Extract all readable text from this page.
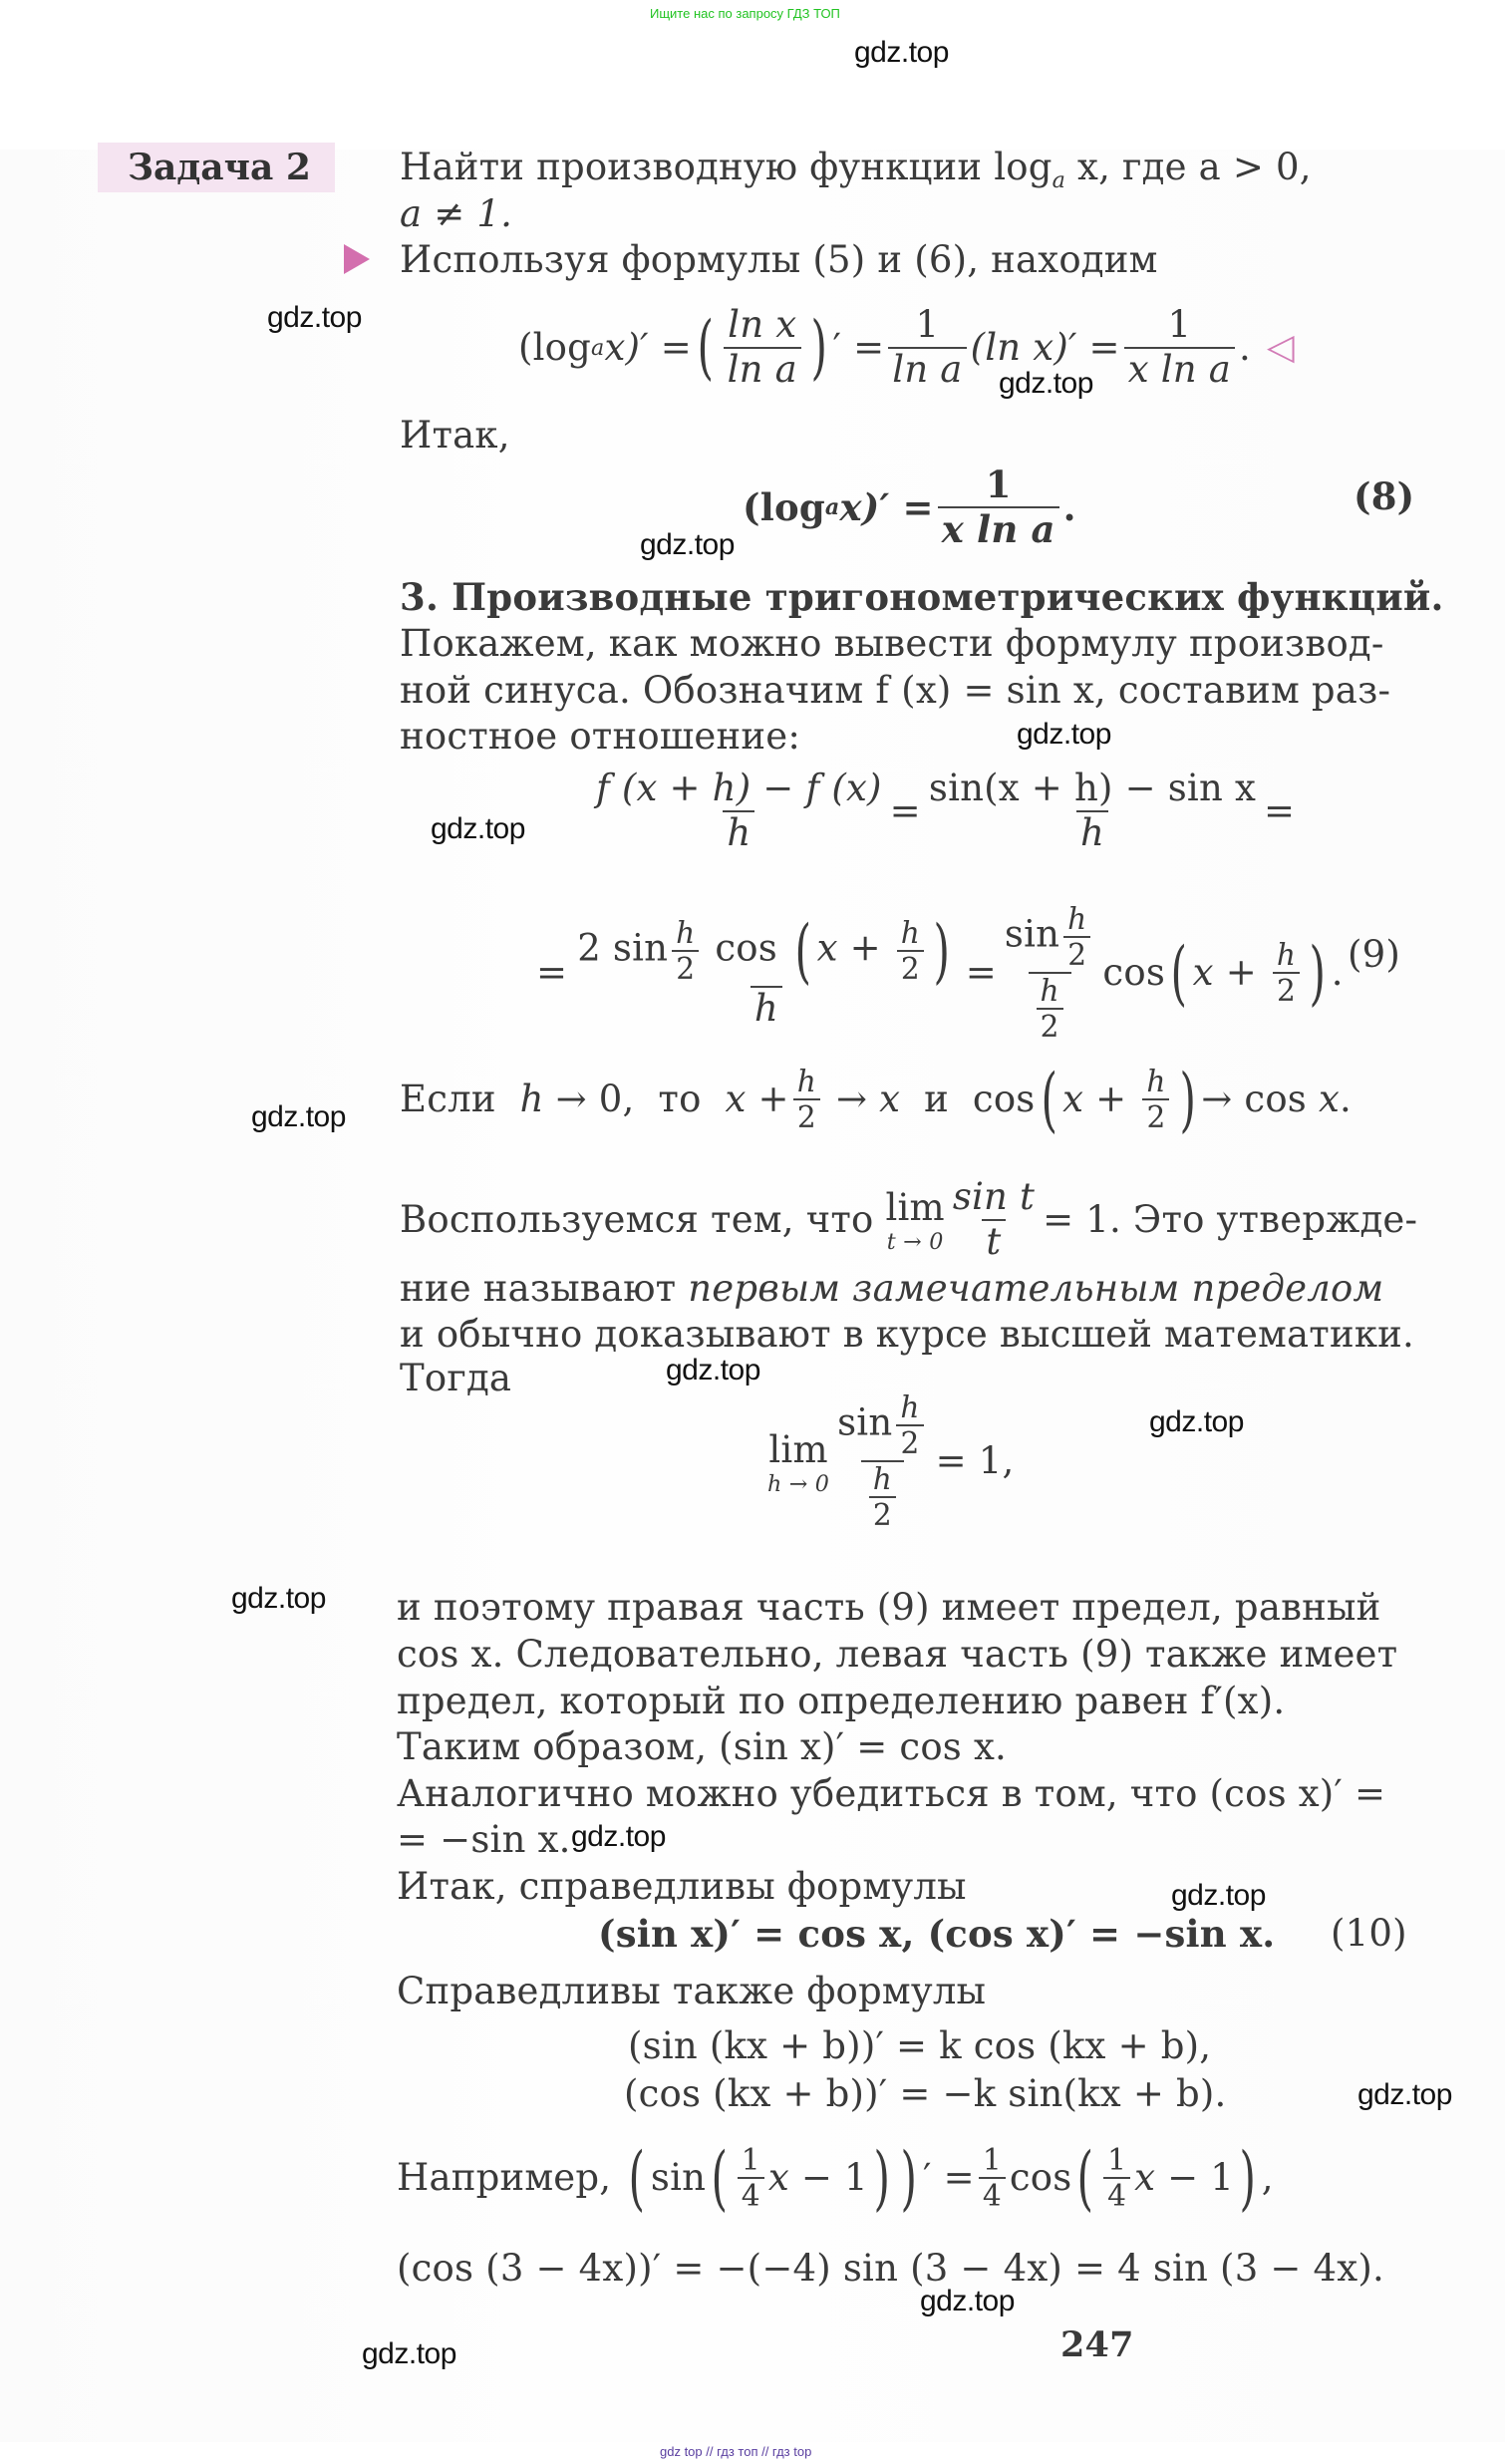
Ищите нас по запросу ГДЗ ТОП
gdz.top
Задача 2	Найти производную функции $\log_a x$, где a > 0,
a ≠ 1.
Используя формулы (5) и (6), находим
gdz.top
(log a x)′ = ( $\frac{\text{ln x}}{\text{ln a}}$ ) ′ = $\frac{1}{\text{ln a}} (\ln$ $x)' = \frac{1}{\text{x ln a}}$ . ◁
gdz.top
Итак,
(log a $x)' = \frac{1}{\text{x ln a}}$ .	(8)
gdz.top
3. Производные тригонометрических функций.
Покажем, как можно вывести формулу производ-
ной синуса. Обозначим f (x) = sin x, составим раз-
ностное отношение:	gdz.top
$gdz.top \frac{f (x + h) - f (x)}{h} = \frac{\text{sin(x + h) − sin x}}{h}$ =
= $\frac{2 \sin \frac{h}{2} \cos ( x + \frac{h}{2} )}{h} = \frac{\sin \frac{h}{2}}{\frac{h}{2}}$ cos ( $x + \frac{h}{2}$ ) . (9)
gdz.top Если  h → 0,  то  $x + \frac{h}{2} \to x$  и  cos ( $x + \frac{h}{2}$ ) → cos x.
Воспользуемся тем, что
lim
$t \to 0 \frac{\text{sin t}}{t} = 1$. Это утвержде-
ние называют первым замечательным пределом
и обычно доказывают в курсе высшей математики.
Тогда	gdz.top
lim
$h \to 0 \frac{\sin \frac{h}{2}}{\frac{h}{2}} = 1$,
gdz.top
gdz.top и поэтому правая часть (9) имеет предел, равный
cos x. Следовательно, левая часть (9) также имеет
предел, который по определению равен f′(x).
Таким образом, (sin x)′ = cos x.
Аналогично можно убедиться в том, что (cos x)′ =
= −sin x. gdz.top
Итак, справедливы формулы	gdz.top
(sin x)′ = cos x, (cos x)′ = −sin x. (10)
Справедливы также формулы
(sin (kx + b))′ = k cos (kx + b),
(cos (kx + b))′ = −k sin(kx + b).	gdz.top
Например,
( sin ( $\frac{1}{4}$ x − 1 ) ) ′ = $\frac{1}{4}$ cos ( $\frac{1}{4}$ x − 1 ) ,
(cos (3 − 4x))′ = −(−4) sin (3 − 4x) = 4 sin (3 − 4x).
gdz.top
247
gdz.top
gdz top // гдз топ // гдз top
